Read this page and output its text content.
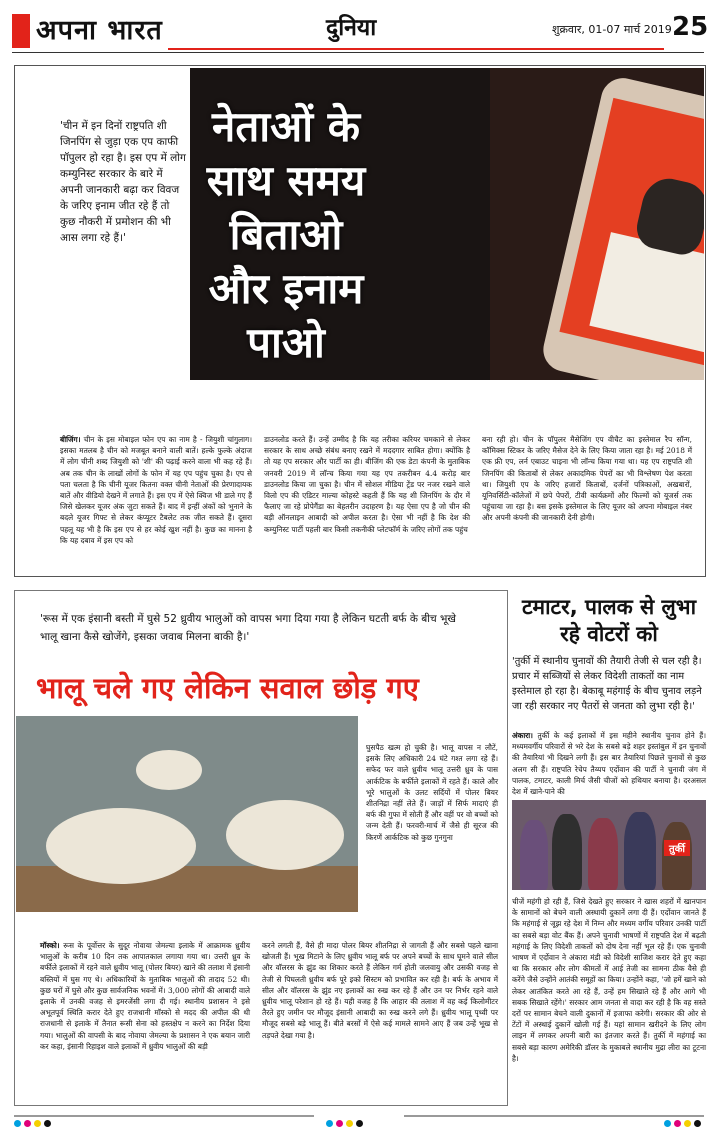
अपना भारत	दुनिया	शुक्रवार, 01-07 मार्च 2019 25
नेताओं के साथ समय बिताओ और इनाम पाओ
'चीन में इन दिनों राष्ट्रपति शी जिनपिंग से जुड़ा एक एप काफी पॉपुलर हो रहा है। इस एप में लोग कम्युनिस्ट सरकार के बारे में अपनी जानकारी बढ़ा कर विवज के जरिए इनाम जीत रहे हैं तो कुछ नौकरी में प्रमोशन की भी आस लगा रहे हैं।'
बीजिंग। चीन के इस मोबाइल फोन एप का नाम है - जियुशी चांगुलाग। इसका मतलब है चीन को मजबूत बनाने वाली बातें। हल्के फुल्के अंदाज में लोग चीनी शब्द जियुशी को 'शी' की पढ़ाई करने वाला भी कह रहे हैं। अब तक चीन के लाखों लोगों के फोन में यह एप पहुंच चुका है। एप से पता चलता है कि चीनी यूजर कितना वक्त चीनी नेताओं की प्रेरणादायक बातें और वीडियो देखने में लगाते हैं। इस एप में ऐसे क्विज भी डाले गए हैं जिसे खेलकर यूजर अंक जुटा सकते हैं। बाद में इन्हीं अंकों को भुनाने के बदले यूजर गिफ्ट से लेकर कंप्यूटर टैबलेट तक जीत सकते हैं। दूसरा पहलू यह भी है कि इस एप से हर कोई खुश नहीं है। कुछ का मानना है कि यह दबाव में इस एप को
डाउनलोड करते हैं। उन्हें उम्मीद है कि यह तरीका करियर चमकाने से लेकर सरकार के साथ अच्छे संबंध बनाए रखने में मददगार साबित होगा। क्योंकि है तो यह एप सरकार और पार्टी का ही। बीजिंग की एक डेटा कंपनी के मुताबिक जनवरी 2019 में लॉन्च किया गया यह एप तकरीबन 4.4 करोड़ बार डाउनलोड किया जा चुका है। चीन में सोशल मीडिया ट्रेंड पर नजर रखने वाले विलो एप की एडिटर माल्या कोहस्टे कहती हैं कि यह शी जिनपिंग के दौर में फैलाए जा रहे प्रोपेगैंडा का बेहतरीन उदाहरण है। यह ऐसा एप है जो चीन की बड़ी ऑनलाइन आबादी को अपील करता है। ऐसा भी नहीं है कि देश की कम्युनिस्ट पार्टी पहली बार किसी तकनीकी प्लेटफॉर्म के जरिए लोगों तक पहुंच
बना रही हो। चीन के पॉपुलर मैसेजिंग एप वीचैट का इस्तेमाल रैप सॉन्ग, कॉमिक्स स्टिकर के जरिए मैसेज देने के लिए किया जाता रहा है। मई 2018 में एक फ्री एप, लर्न एबाउट चाइना भी लॉन्च किया गया था। यह एप राष्ट्रपति शी जिनपिंग की किताबों से लेकर अकादमिक पेपरों का भी विश्लेषण पेश करता था। जियुशी एप के जरिए हजारों किताबों, दर्जनों पत्रिकाओं, अखबारों, यूनिवर्सिटी-कॉलेजों में छपे पेपरों, टीवी कार्यक्रमों और फिल्मों को यूजर्स तक पहुंचाया जा रहा है। बस इसके इस्तेमाल के लिए यूजर को अपना मोबाइल नंबर और अपनी कंपनी की जानकारी देनी होगी।
'रूस में एक इंसानी बस्ती में घुसे 52 ध्रुवीय भालुओं को वापस भगा दिया गया है लेकिन घटती बर्फ के बीच भूखे भालू खाना कैसे खोजेंगे, इसका जवाब मिलना बाकी है।'
भालू चले गए लेकिन सवाल छोड़ गए
घुसपैठ खत्म हो चुकी है। भालू वापस न लौटें, इसके लिए अधिकारी 24 घंटे गश्त लगा रहे हैं। सफेद फर वाले ध्रुवीय भालू उत्तरी ध्रुव के पास आर्कटिक के बर्फीले इलाकों में रहते हैं। काले और भूरे भालुओं के उलट सर्दियों में पोलर बियर शीतनिद्रा नहीं लेते हैं। जाड़ों में सिर्फ मादाएं ही बर्फ की गुफा में सोती हैं और वहीं पर वो बच्चों को जन्म देती हैं। फरवरी-मार्च में जैसे ही सूरज की किरणें आर्कटिक को कुछ गुनगुना
मॉस्को। रूस के पूर्वोत्तर के सुदूर नोवाया जेमल्या इलाके में आक्रामक ध्रुवीय भालुओं के करीब 10 दिन तक आपातकाल लगाया गया था। उत्तरी ध्रुव के बर्फीले इलाकों में रहने वाले ध्रुवीय भालू (पोलर बियर) खाने की तलाश में इंसानी बस्तियों में घुस गए थे। अधिकारियों के मुताबिक भालुओं की तादाद 52 थी। कुछ घरों में घुसे और कुछ सार्वजनिक भवनों में। 3,000 लोगों की आबादी वाले इलाके में उनकी वजह से इमरजेंसी लगा दी गई। स्थानीय प्रशासन ने इसे अभूतपूर्व स्थिति करार देते हुए राजधानी मॉस्को से मदद की अपील की थी राजधानी से इलाके में तैनात रूसी सेना को हस्तक्षेप न करने का निर्देश दिया गया। भालुओं की वापसी के बाद नोवाया जेमल्या के प्रशासन ने एक बयान जारी कर कहा, इंसानी रिहाइश वाले इलाकों में ध्रुवीय भालुओं की बड़ी
करने लगती हैं, वैसे ही मादा पोलर बियर शीतनिद्रा से जागती हैं और सबसे पहले खाना खोजती हैं। भूख मिटाने के लिए ध्रुवीय भालू बर्फ पर अपने बच्चों के साथ घूमने वाले सील और वॉलरस के झुंड का शिकार करते हैं लेकिन गर्म होती जलवायु और उसकी वजह से तेजी से पिघलती ध्रुवीय बर्फ पूरे इको सिस्टम को प्रभावित कर रही है। बर्फ के अभाव में सील और वॉलरस के झुंड नए इलाकों का रुख कर रहे हैं और उन पर निर्भर रहने वाले ध्रुवीय भालू परेशान हो रहे हैं। यही वजह है कि आहार की तलाश में वह कई किलोमीटर तैरते हुए जमीन पर मौजूद इंसानी आबादी का रुख करने लगे हैं। ध्रुवीय भालू पृथ्वी पर मौजूद सबसे बड़े भालू हैं। बीते बरसों में ऐसे कई मामले सामने आए हैं जब उन्हें भूख से तड़पते देखा गया है।
टमाटर, पालक से लुभा रहे वोटरों को
'तुर्की में स्थानीय चुनावों की तैयारी तेजी से चल रही है। प्रचार में सब्जियों से लेकर विदेशी ताकतों का नाम इस्तेमाल हो रहा है। बेकाबू महंगाई के बीच चुनाव लड़ने जा रही सरकार नए पैतरों से जनता को लुभा रही है।'
अंकारा। तुर्की के कई इलाकों में इस महीने स्थानीय चुनाव होने हैं। मध्यमवर्गीय परिवारों से भरे देश के सबसे बड़े शहर इस्तांबुल में इन चुनावों की तैयारियां भी दिखने लगी हैं। इस बार तैयारियां पिछले चुनावों से कुछ अलग सी हैं। राष्ट्रपति रेचेप तैय्यप एर्दोवान की पार्टी ने चुनावी जंग में पालक, टमाटर, काली मिर्च जैसी चीजों को हथियार बनाया है। दरअसल देश में खाने-पाने की
तुर्की
चीजें महंगी हो रही हैं, जिसे देखते हुए सरकार ने खास शहरों में खानपान के सामानों को बेचने वाली अस्थायी दुकानें लगा दी हैं। एर्दोवान जानते हैं कि महंगाई से जूझ रहे देश में निम्न और मध्यम वर्गीय परिवार उनकी पार्टी का सबसे बड़ा वोट बैंक हैं। अपने चुनावी भाषणों में राष्ट्रपति देश में बढ़ती महंगाई के लिए विदेशी ताकतों को दोष देना नहीं भूल रहे हैं। एक चुनावी भाषण में एर्दोवान ने अंकारा मंडी को विदेशी साजिश करार देते हुए कहा था कि सरकार और लोग कीमतों में आई तेजी का सामना ठीक वैसे ही करेंगे जैसे उन्होंने आतंकी समूहों का किया। उन्होंने कहा, 'जो हमें खाने को लेकर आतंकित करते आ रहे हैं, उन्हें हम सिखाते रहे हैं और आगे भी सबक सिखाते रहेंगे।' सरकार आम जनता से वादा कर रही है कि वह सस्ते दरों पर सामान बेचने वाली दुकानों में इजाफा करेगी। सरकार की ओर से टेंटों में अस्थाई दुकानें खोली गई हैं। यहां सामान खरीदने के लिए लोग लाइन में लगकर अपनी बारी का इंतजार करते हैं। तुर्की में महंगाई का सबसे बड़ा कारण अमेरिकी डॉलर के मुकाबले स्थानीय मुद्रा लीरा का टूटना है।
